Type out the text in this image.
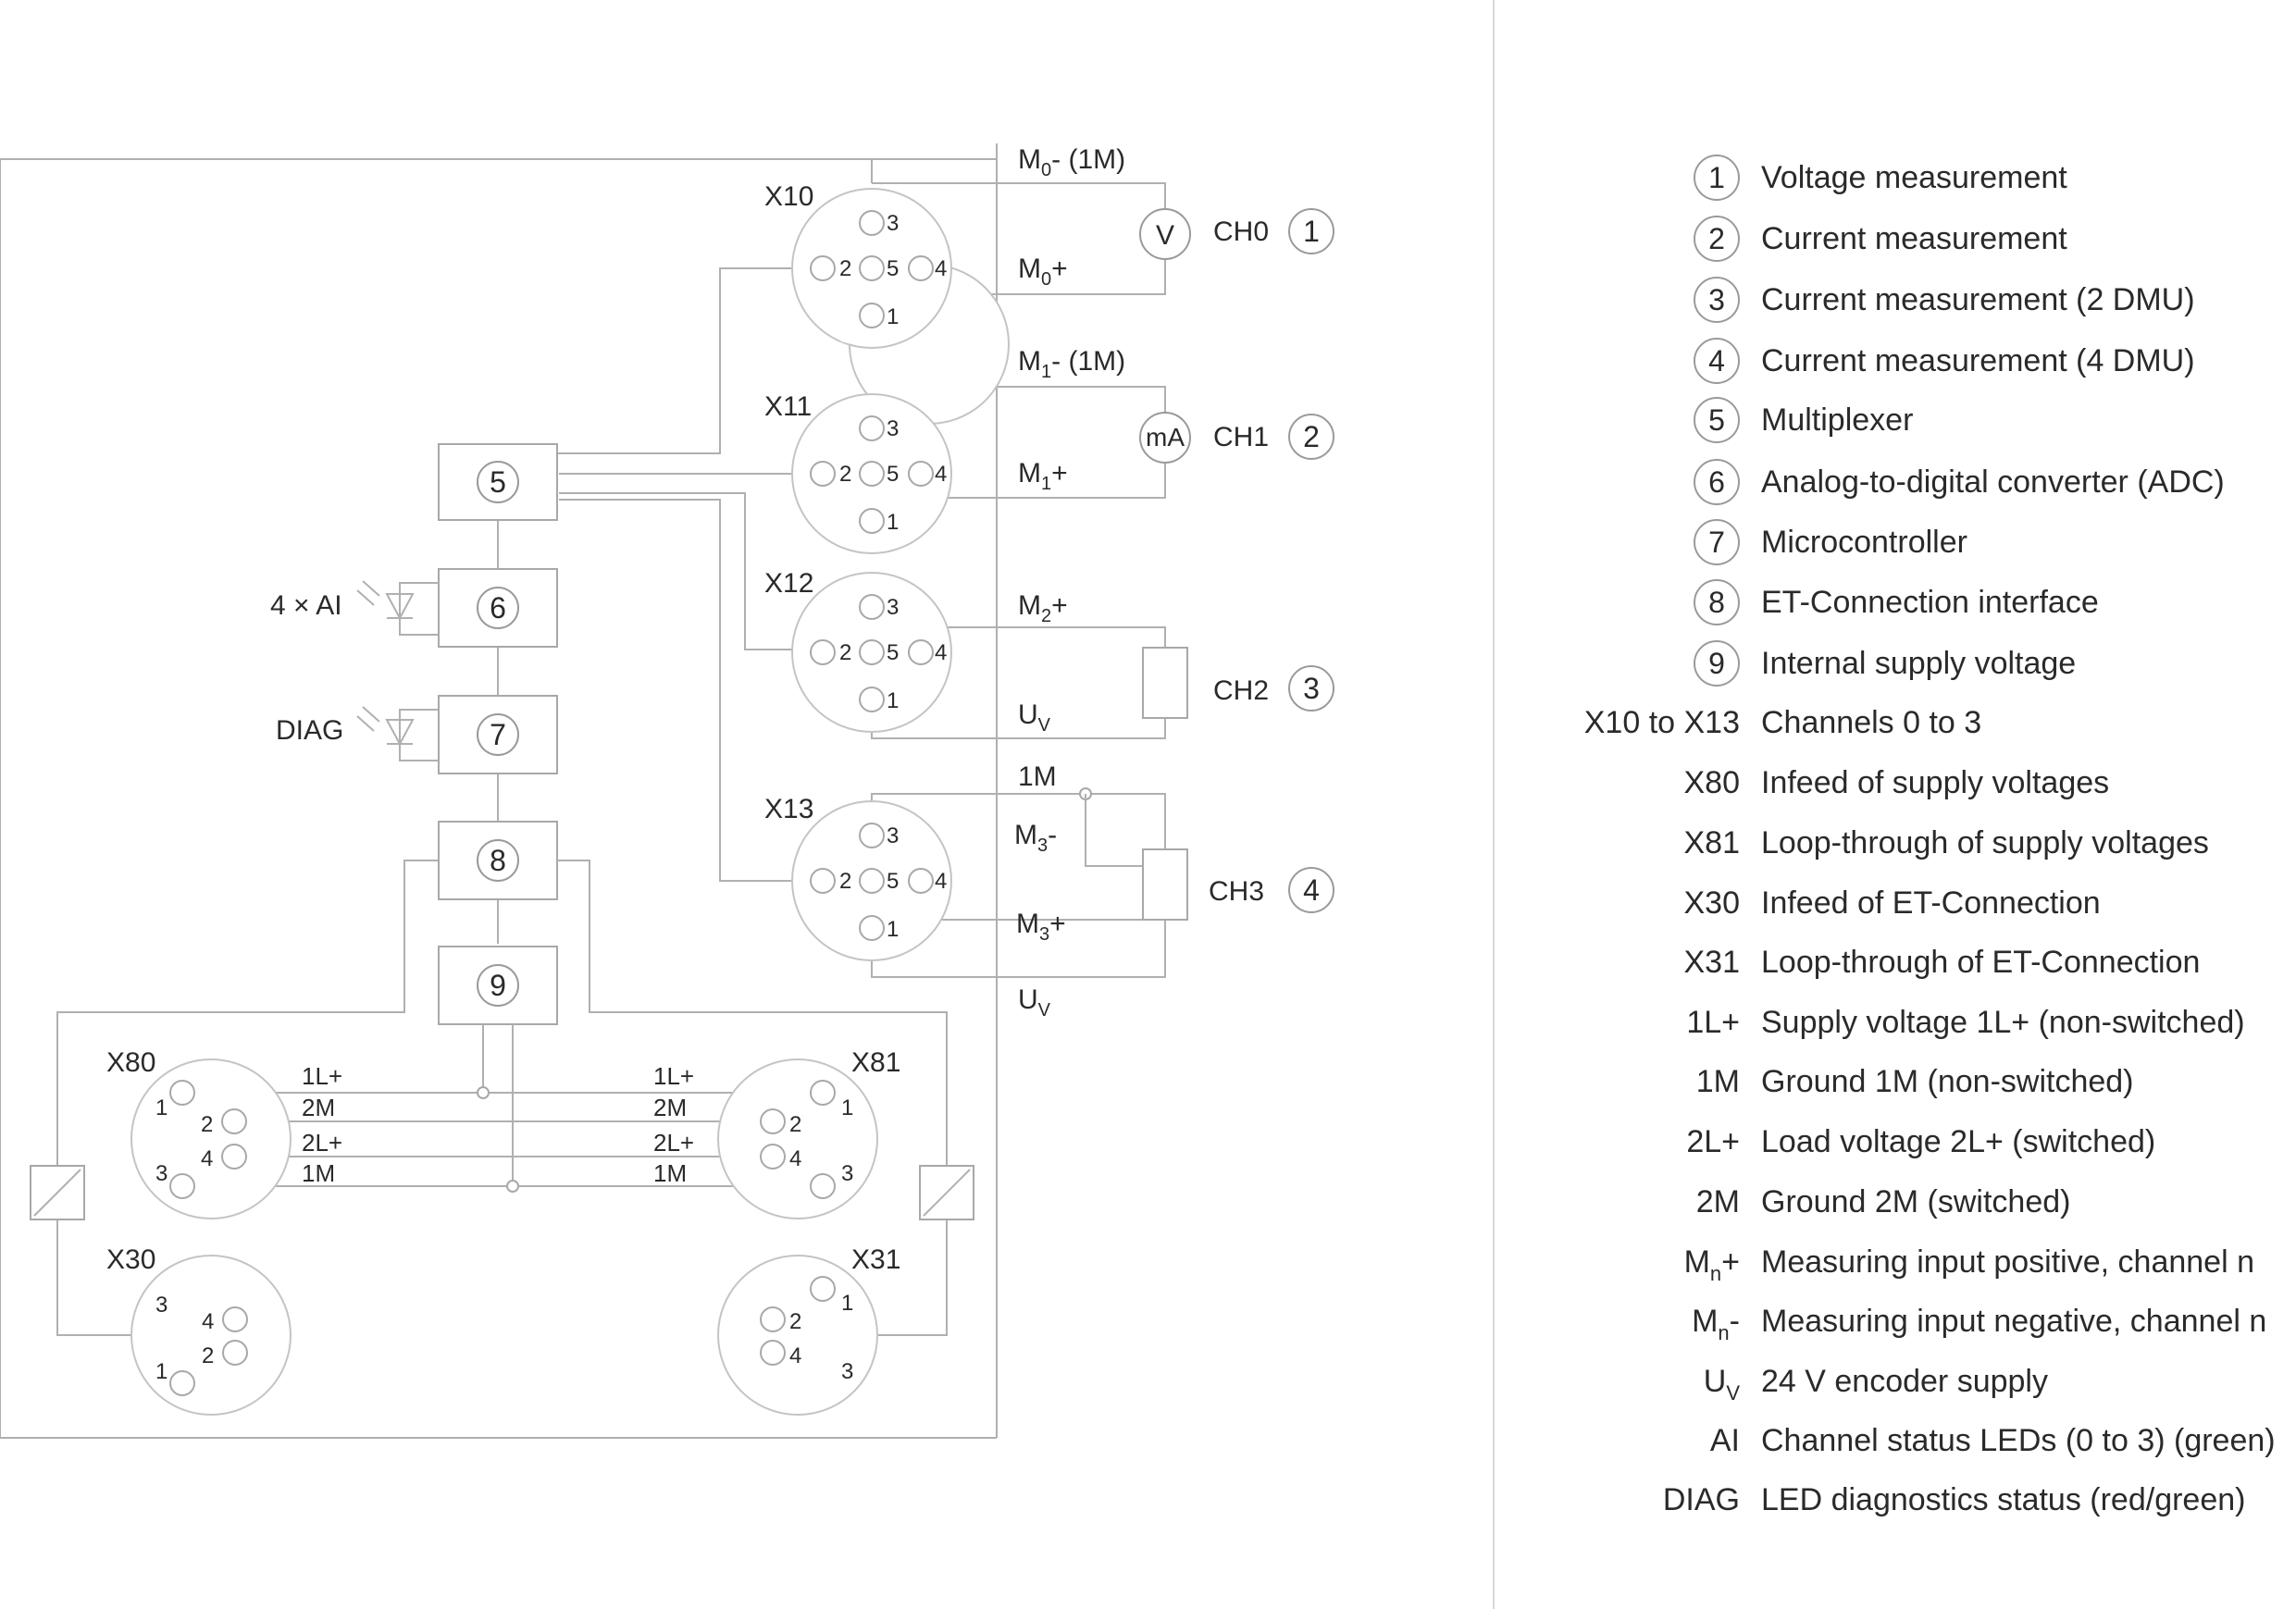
X10
X11
X12
X13
3
2 5 4
1
3
2 5 4
1
3
2 5 4
1
3
2 5 4
1
$M_0-$ (1M)
$M_0+$
$M_1-$ (1M)
$M_1+$
$M_2+$
$U_V$
1M
$M_3-$
$M_3+$
$U_V$
V
mA
CH0
CH1
CH2
CH3
1
2
3
4
5
6
7
8
9
4 × AI
DIAG
1L+
2M
2L+
1M
1L+
2M
2L+
1M
1
2
4
3
X80
1
2
4
3
X81
3
4
2
1
X30
1
2
4
3
X31
1 Voltage measurement
2 Current measurement
3 Current measurement (2 DMU)
4 Current measurement (4 DMU)
5 Multiplexer
6 Analog-to-digital converter (ADC)
7 Microcontroller
8 ET-Connection interface
9 Internal supply voltage
X10 to X13 Channels 0 to 3
X80 Infeed of supply voltages
X81 Loop-through of supply voltages
X30 Infeed of ET-Connection
X31 Loop-through of ET-Connection
1L+ Supply voltage 1L+ (non-switched)
1M Ground 1M (non-switched)
2L+ Load voltage 2L+ (switched)
2M Ground 2M (switched)
$M_n+$ Measuring input positive, channel n
$M_n-$ Measuring input negative, channel n
$U_V$ 24 V encoder supply
AI Channel status LEDs (0 to 3) (green)
DIAG LED diagnostics status (red/green)
